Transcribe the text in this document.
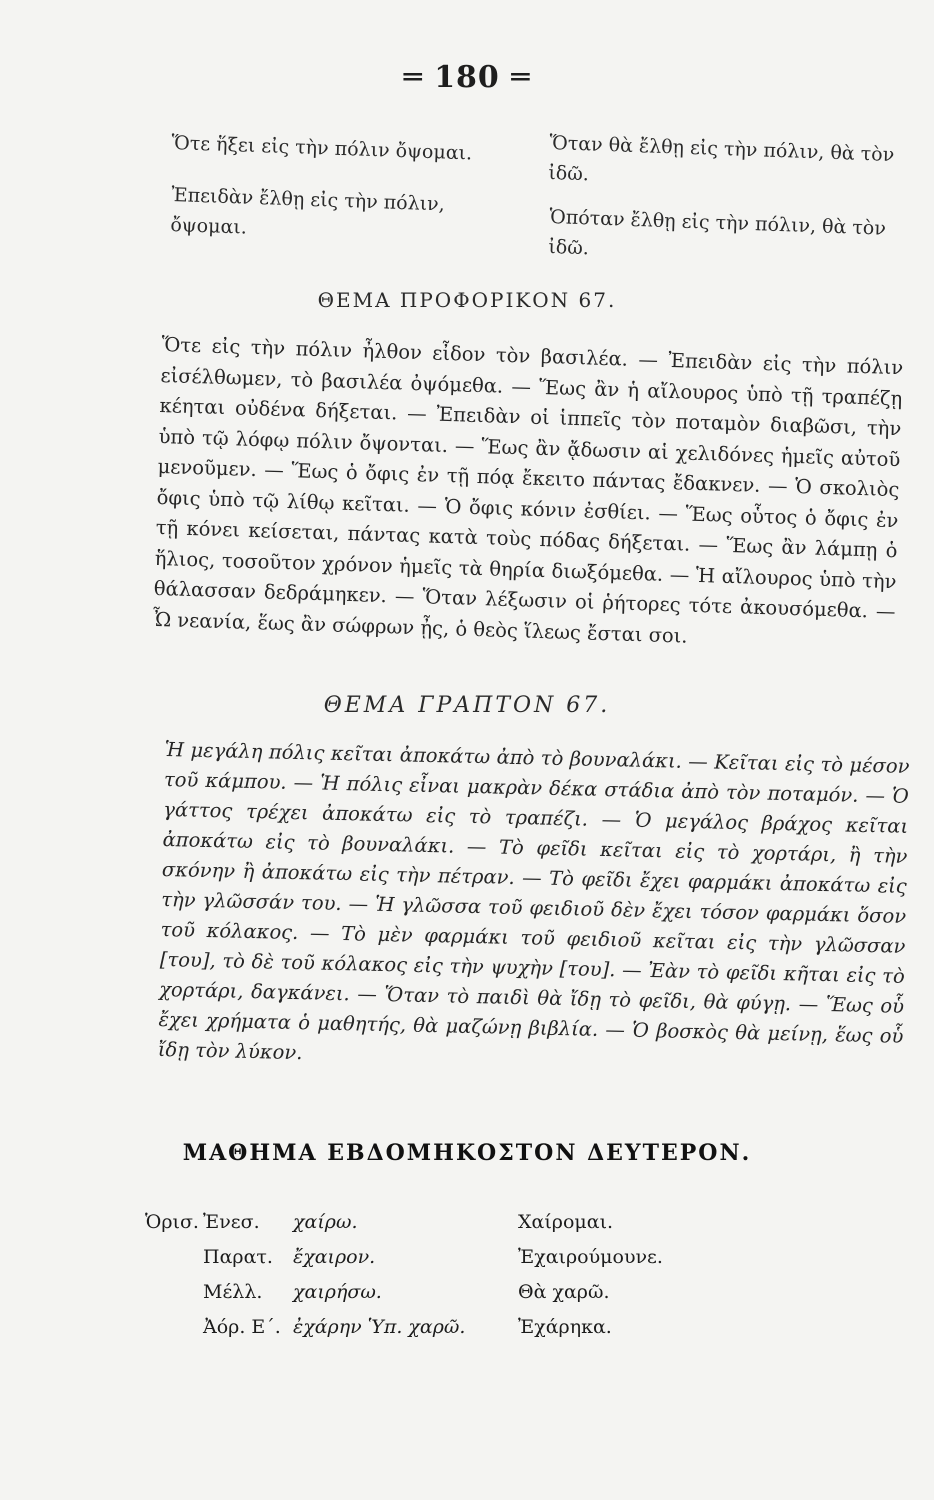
═ 180 ═
Ὅτε ἥξει εἰς τὴν πόλιν ὄψομαι.
Ἐπειδὰν ἔλθῃ εἰς τὴν πόλιν, ὄψομαι.
Ὅταν θὰ ἔλθῃ εἰς τὴν πόλιν, θὰ τὸν ἰδῶ.
Ὁπόταν ἔλθῃ εἰς τὴν πόλιν, θὰ τὸν ἰδῶ.
ΘΕΜΑ ΠΡΟΦΟΡΙΚΟΝ 67.

Ὅτε εἰς τὴν πόλιν ἦλθον εἶδον τὸν βασιλέα. — Ἐπειδὰν εἰς τὴν πόλιν εἰσέλθωμεν, τὸ βασιλέα ὀψόμεθα. — Ἕως ἂν ἡ αἴλουρος ὑπὸ τῇ τραπέζῃ κέηται οὐδένα δήξεται. — Ἐπειδὰν οἱ ἱππεῖς τὸν ποταμὸν διαβῶσι, τὴν ὑπὸ τῷ λόφῳ πόλιν ὄψονται. — Ἕως ἂν ᾄδωσιν αἱ χελιδόνες ἡμεῖς αὐτοῦ μενοῦμεν. — Ἕως ὁ ὄφις ἐν τῇ πόᾳ ἔκειτο πάντας ἔδακνεν. — Ὁ σκολιὸς ὄφις ὑπὸ τῷ λίθῳ κεῖται. — Ὁ ὄφις κόνιν ἐσθίει. — Ἕως οὗτος ὁ ὄφις ἐν τῇ κόνει κείσεται, πάντας κατὰ τοὺς πόδας δήξεται. — Ἕως ἂν λάμπῃ ὁ ἥλιος, τοσοῦτον χρόνον ἡμεῖς τὰ θηρία διωξόμεθα. — Ἡ αἴλουρος ὑπὸ τὴν θάλασσαν δεδράμηκεν. — Ὅταν λέξωσιν οἱ ῥήτορες τότε ἀκουσόμεθα. — Ὦ νεανία, ἕως ἂν σώφρων ᾖς, ὁ θεὸς ἵλεως ἔσται σοι.

ΘΕΜΑ ΓΡΑΠΤΟΝ 67.

Ἡ μεγάλη πόλις κεῖται ἀποκάτω ἀπὸ τὸ βουναλάκι. — Κεῖται εἰς τὸ μέσον τοῦ κάμπου. — Ἡ πόλις εἶναι μακρὰν δέκα στάδια ἀπὸ τὸν ποταμόν. — Ὁ γάττος τρέχει ἀποκάτω εἰς τὸ τραπέζι. — Ὁ μεγάλος βράχος κεῖται ἀποκάτω εἰς τὸ βουναλάκι. — Τὸ φεῖδι κεῖται εἰς τὸ χορτάρι, ἢ τὴν σκόνην ἢ ἀποκάτω εἰς τὴν πέτραν. — Τὸ φεῖδι ἔχει φαρμάκι ἀποκάτω εἰς τὴν γλῶσσάν του. — Ἡ γλῶσσα τοῦ φειδιοῦ δὲν ἔχει τόσον φαρμάκι ὅσον τοῦ κόλακος. — Τὸ μὲν φαρμάκι τοῦ φειδιοῦ κεῖται εἰς τὴν γλῶσσαν [του], τὸ δὲ τοῦ κόλακος εἰς τὴν ψυχὴν [του]. — Ἐὰν τὸ φεῖδι κῆται εἰς τὸ χορτάρι, δαγκάνει. — Ὅταν τὸ παιδὶ θὰ ἴδῃ τὸ φεῖδι, θὰ φύγῃ. — Ἕως οὗ ἔχει χρήματα ὁ μαθητής, θὰ μαζώνῃ βιβλία. — Ὁ βοσκὸς θὰ μείνῃ, ἕως οὗ ἴδῃ τὸν λύκον.

ΜΑΘΗΜΑ ΕΒΔΟΜΗΚΟΣΤΟΝ ΔΕΥΤΕΡΟΝ.
Ὁρισ.	Ἐνεσ.	χαίρω.	Χαίρομαι.
	Παρατ.	ἔχαιρον.	Ἐχαιρούμουνε.
	Μέλλ.	χαιρήσω.	Θὰ χαρῶ.
	Ἀόρ. Ε΄.	ἐχάρην Ὑπ. χαρῶ.	Ἐχάρηκα.
